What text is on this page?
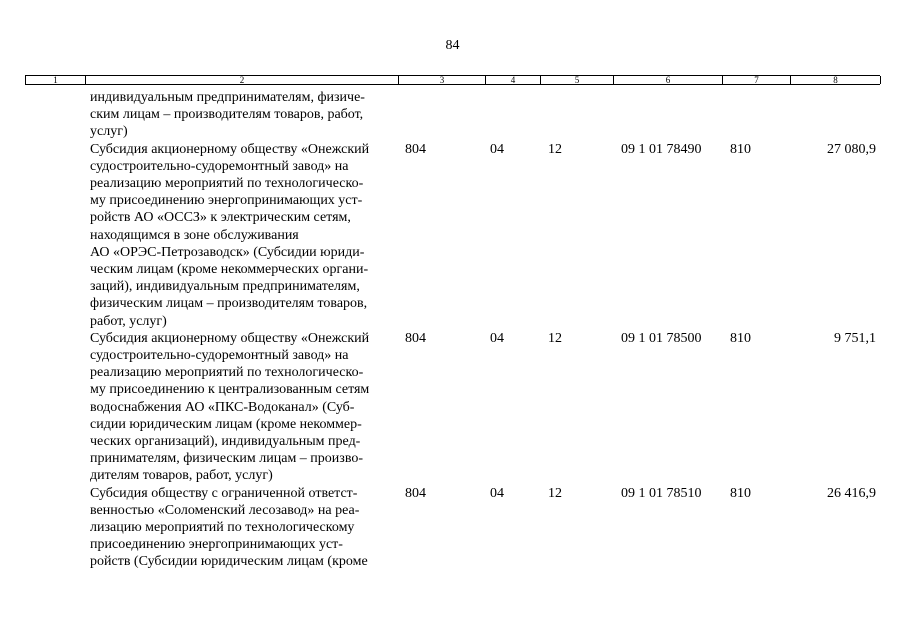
84
1	2	3	4	5	6	7	8
индивидуальным предпринимателям, физиче-
ским лицам – производителям товаров, работ,
услуг)
Субсидия акционерному обществу «Онежский
судостроительно-судоремонтный завод» на
реализацию мероприятий по технологическо-
му присоединению энергопринимающих уст-
ройств АО «ОССЗ» к электрическим сетям,
находящимся в зоне обслуживания
АО «ОРЭС-Петрозаводск» (Субсидии юриди-
ческим лицам (кроме некоммерческих органи-
заций), индивидуальным предпринимателям,
физическим лицам – производителям товаров,
работ, услуг)
804	04	12	09 1 01 78490	810	27 080,9
Субсидия акционерному обществу «Онежский
судостроительно-судоремонтный завод» на
реализацию мероприятий по технологическо-
му присоединению к централизованным сетям
водоснабжения АО «ПКС-Водоканал» (Суб-
сидии юридическим лицам (кроме некоммер-
ческих организаций), индивидуальным пред-
принимателям, физическим лицам – произво-
дителям товаров, работ, услуг)
804	04	12	09 1 01 78500	810	9 751,1
Субсидия обществу с ограниченной ответст-
венностью «Соломенский лесозавод» на реа-
лизацию мероприятий по технологическому
присоединению энергопринимающих уст-
ройств (Субсидии юридическим лицам (кроме
804	04	12	09 1 01 78510	810	26 416,9
